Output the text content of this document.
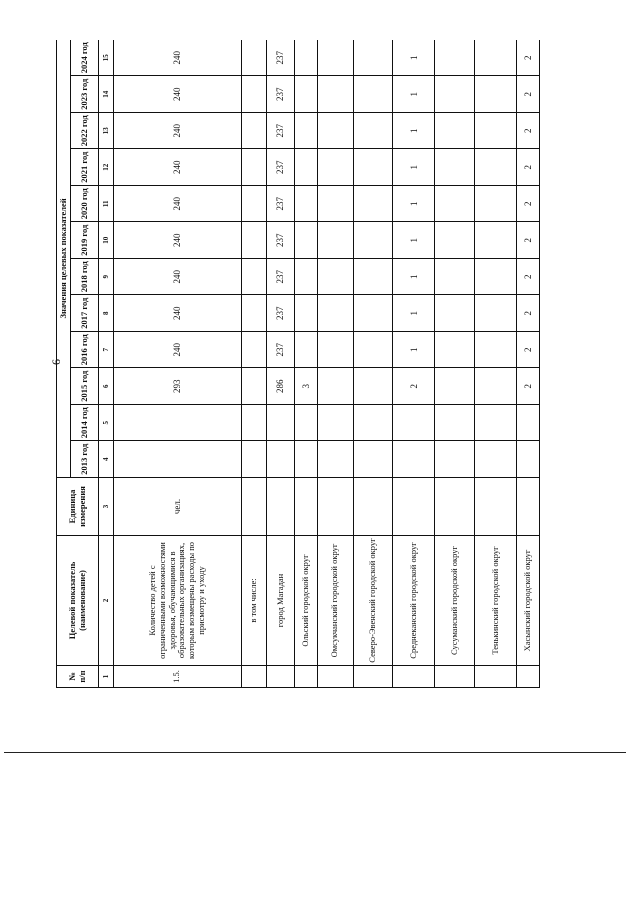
6
№ п/п	Целевой показатель (наименование)	Единица измерения	Значения целевых показателей											
			2013 год	2014 год	2015 год	2016 год	2017 год	2018 год	2019 год	2020 год	2021 год	2022 год	2023 год	2024 год
1	2	3	4	5	6	7	8	9	10	11	12	13	14	15
1.5.	Количество детей с ограниченными возможностями здоровья, обучающимися в образовательных организациях, которым возмещены расходы по присмотру и уходу	чел.			293	240	240	240	240	240	240	240	240	240
	в том числе:													
	город Магадан				286	237	237	237	237	237	237	237	237	237
	Ольский городской округ				3									
	Омсукчанский городской округ													
	Северо-Эвенский городской округ													
	Среднеканский городской округ				2	1	1	1	1	1	1	1	1	1
	Сусуманский городской округ													
	Тенькинский городской округ													
	Хасынский городской округ				2	2	2	2	2	2	2	2	2	2
